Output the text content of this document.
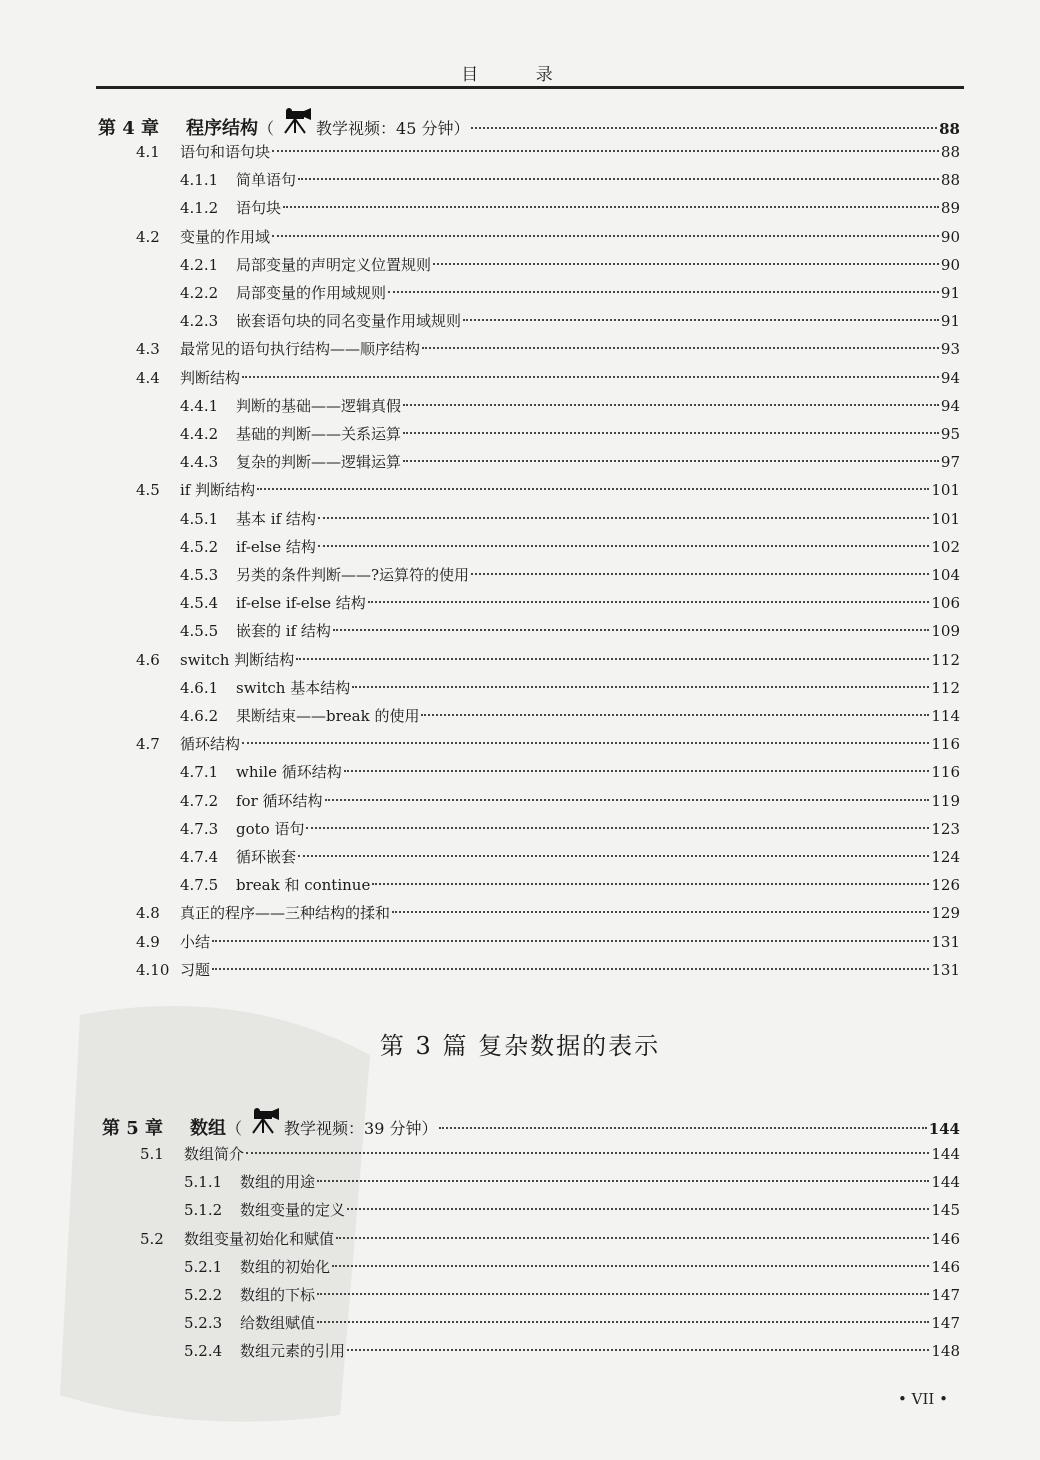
目 录
第 4 章	程序结构 （	教学视频：45 分钟 ）	88
4.1	语句和语句块	88
4.1.1	简单语句	88
4.1.2	语句块	89
4.2	变量的作用域	90
4.2.1	局部变量的声明定义位置规则	90
4.2.2	局部变量的作用域规则	91
4.2.3	嵌套语句块的同名变量作用域规则	91
4.3	最常见的语句执行结构——顺序结构	93
4.4	判断结构	94
4.4.1	判断的基础——逻辑真假	94
4.4.2	基础的判断——关系运算	95
4.4.3	复杂的判断——逻辑运算	97
4.5	if 判断结构	101
4.5.1	基本 if 结构	101
4.5.2	if-else 结构	102
4.5.3	另类的条件判断——?运算符的使用	104
4.5.4	if-else if-else 结构	106
4.5.5	嵌套的 if 结构	109
4.6	switch 判断结构	112
4.6.1	switch 基本结构	112
4.6.2	果断结束——break 的使用	114
4.7	循环结构	116
4.7.1	while 循环结构	116
4.7.2	for 循环结构	119
4.7.3	goto 语句	123
4.7.4	循环嵌套	124
4.7.5	break 和 continue	126
4.8	真正的程序——三种结构的揉和	129
4.9	小结	131
4.10 习题	131
第 3 篇 复杂数据的表示
第 5 章	数组 （	教学视频：39 分钟 ）	144
5.1	数组简介	144
5.1.1	数组的用途	144
5.1.2	数组变量的定义	145
5.2	数组变量初始化和赋值	146
5.2.1	数组的初始化	146
5.2.2	数组的下标	147
5.2.3	给数组赋值	147
5.2.4	数组元素的引用	148
• VII •
